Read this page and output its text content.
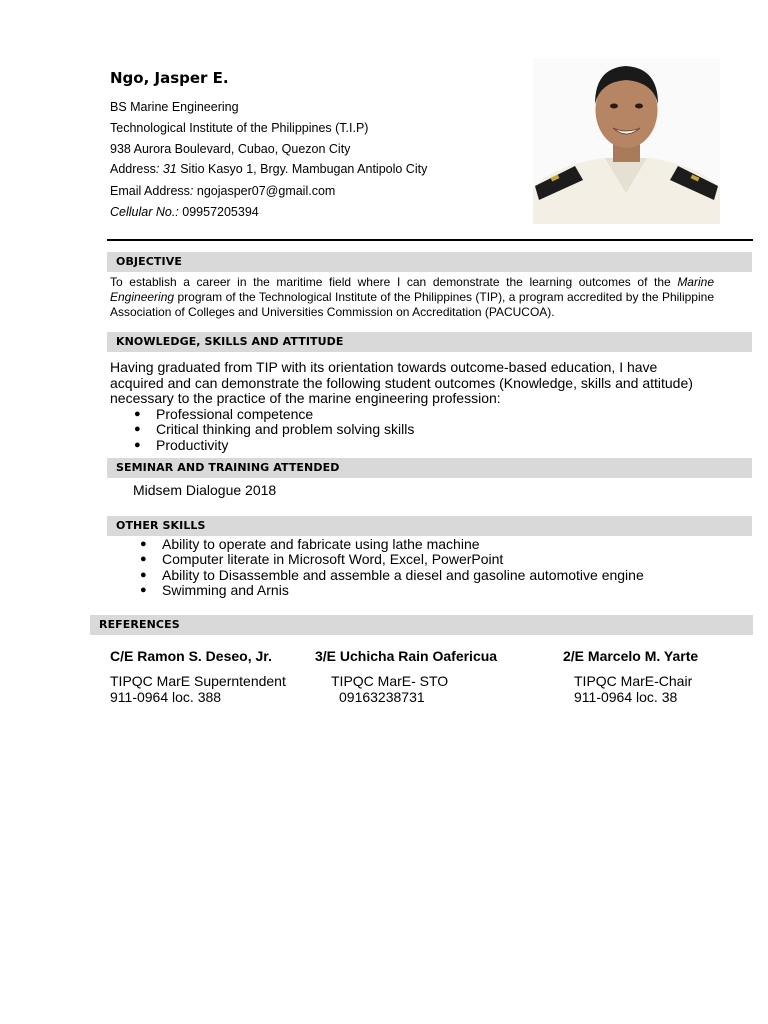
Ngo, Jasper E.
BS Marine Engineering
Technological Institute of the Philippines (T.I.P)
938 Aurora Boulevard, Cubao, Quezon City
Address: 31 Sitio Kasyo 1, Brgy. Mambugan Antipolo City
Email Address: ngojasper07@gmail.com
Cellular No.: 09957205394
OBJECTIVE
To establish a career in the maritime field where I can demonstrate the learning outcomes of the Marine Engineering program of the Technological Institute of the Philippines (TIP), a program accredited by the Philippine Association of Colleges and Universities Commission on Accreditation (PACUCOA).
KNOWLEDGE, SKILLS AND ATTITUDE
Having graduated from TIP with its orientation towards outcome-based education, I have acquired and can demonstrate the following student outcomes (Knowledge, skills and attitude) necessary to the practice of the marine engineering profession:
● Professional competence
● Critical thinking and problem solving skills
● Productivity
SEMINAR AND TRAINING ATTENDED
Midsem Dialogue 2018
OTHER SKILLS
● Ability to operate and fabricate using lathe machine
● Computer literate in Microsoft Word, Excel, PowerPoint
● Ability to Disassemble and assemble a diesel and gasoline automotive engine
● Swimming and Arnis
REFERENCES
C/E Ramon S. Deseo, Jr.
TIPQC MarE Superntendent
911-0964 loc. 388
3/E Uchicha Rain Oafericua
TIPQC MarE- STO
09163238731
2/E Marcelo M. Yarte
TIPQC MarE-Chair
911-0964 loc. 38
